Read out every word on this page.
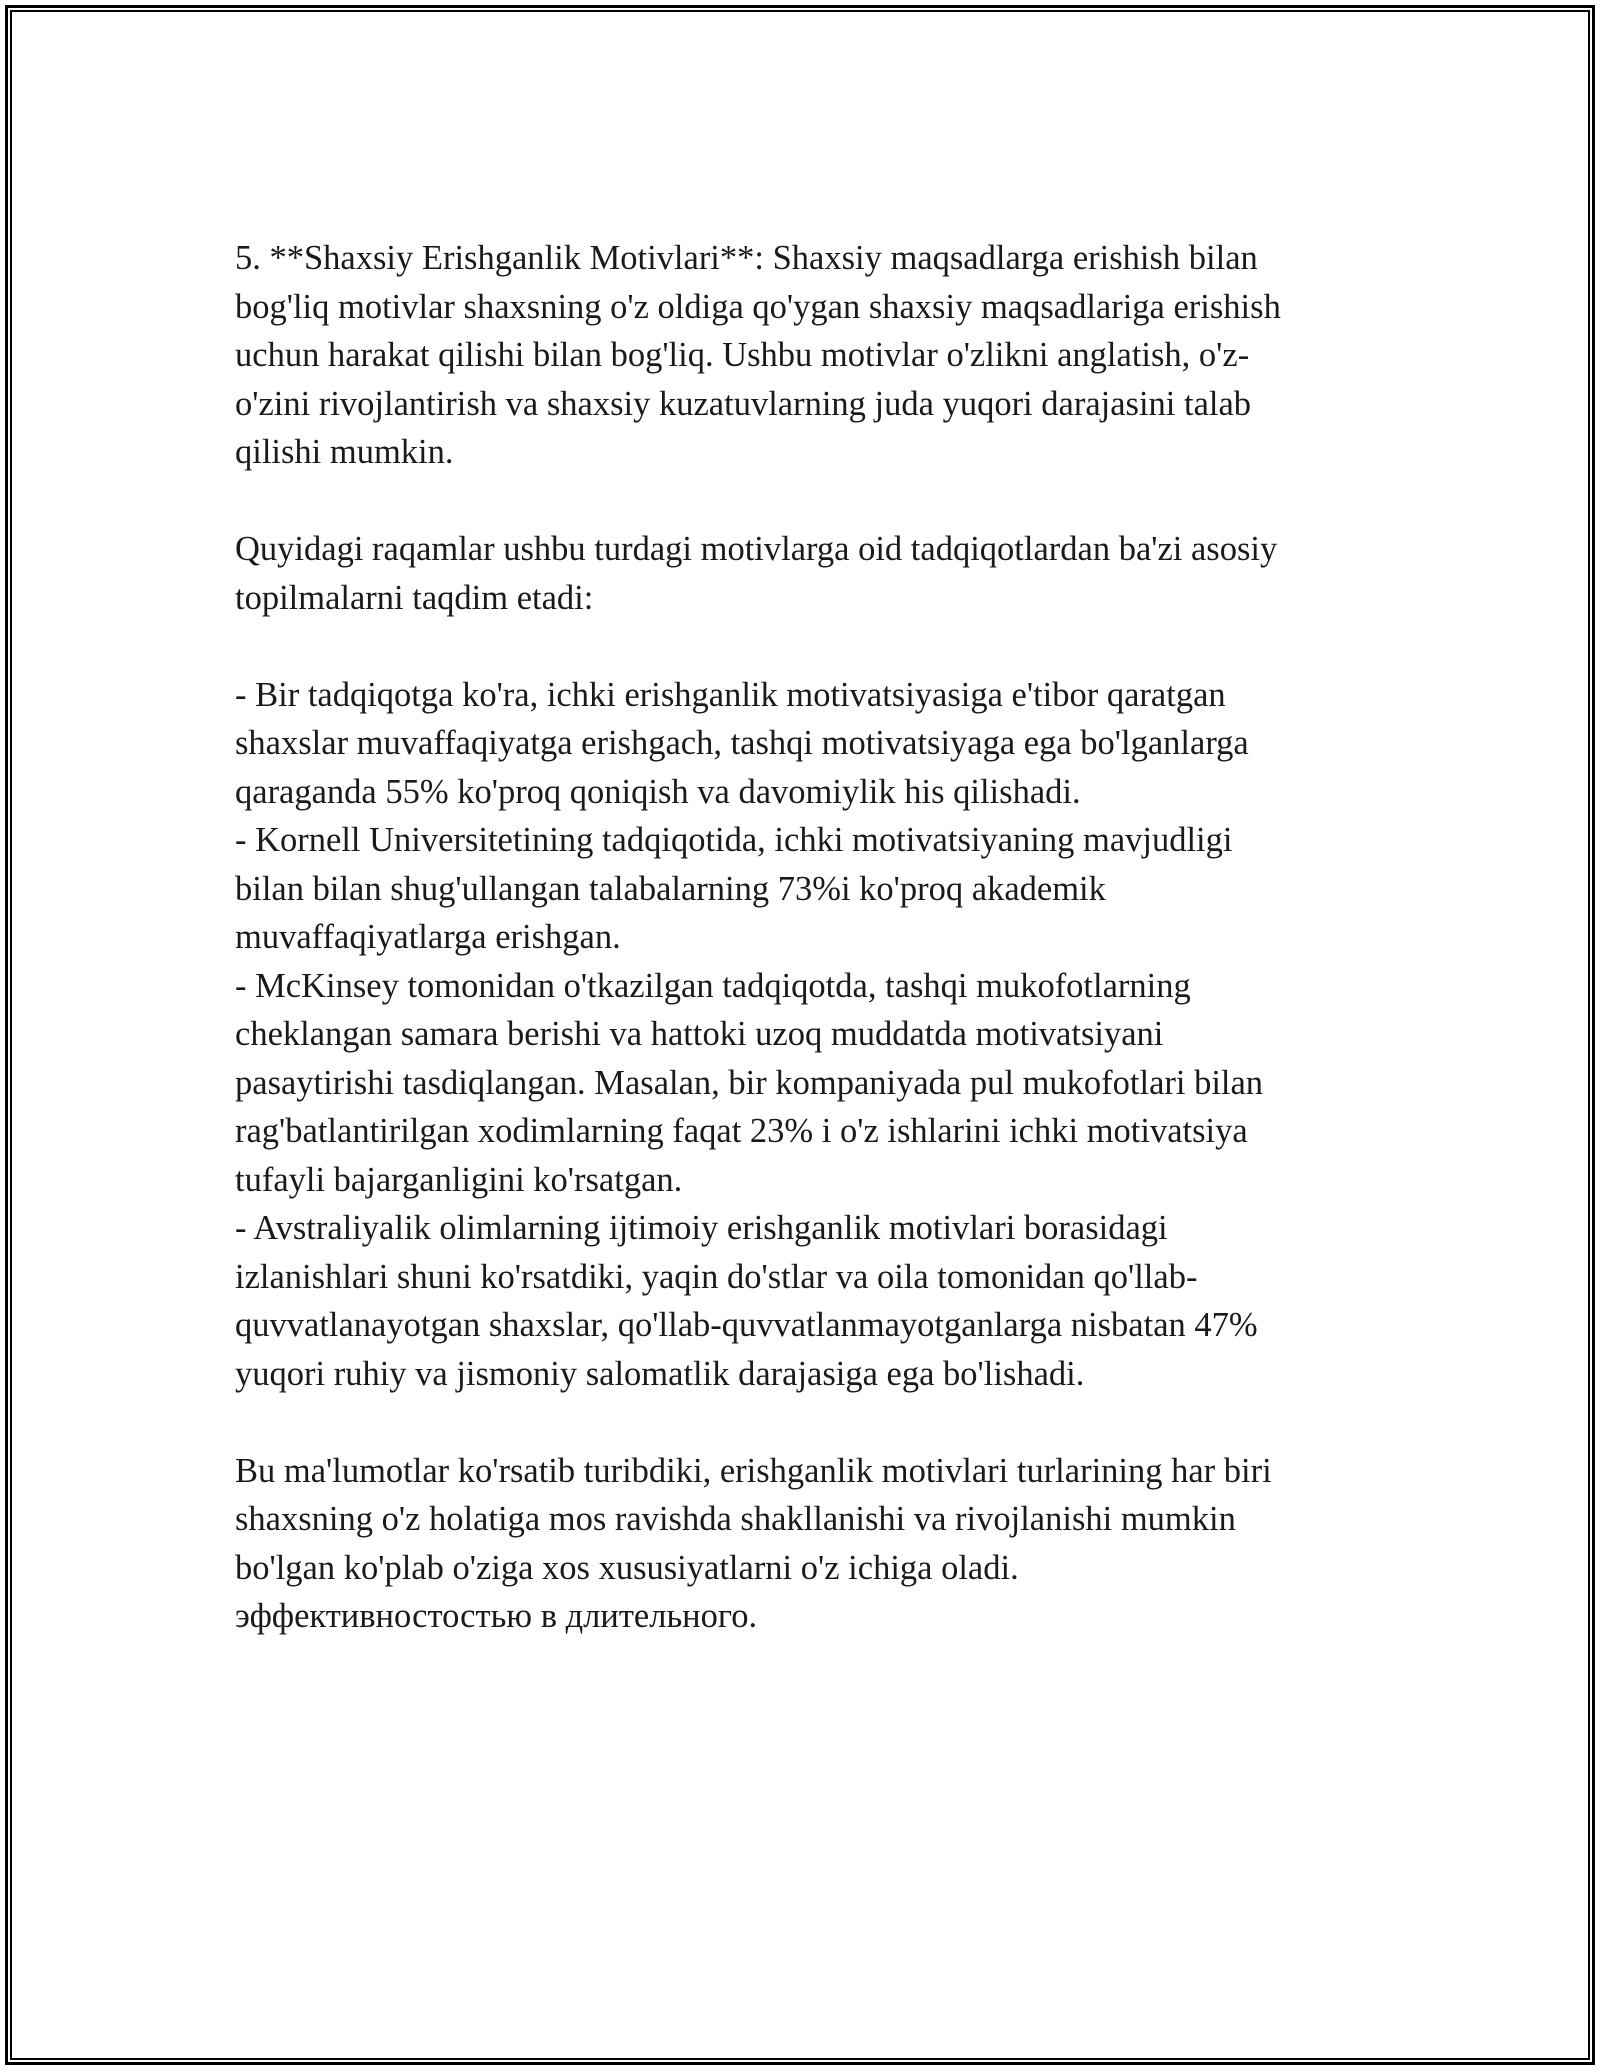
5. **Shaxsiy Erishganlik Motivlari**: Shaxsiy maqsadlarga erishish bilan
bog'liq motivlar shaxsning o'z oldiga qo'ygan shaxsiy maqsadlariga erishish
uchun harakat qilishi bilan bog'liq. Ushbu motivlar o'zlikni anglatish, o'z-
o'zini rivojlantirish va shaxsiy kuzatuvlarning juda yuqori darajasini talab
qilishi mumkin.

Quyidagi raqamlar ushbu turdagi motivlarga oid tadqiqotlardan ba'zi asosiy
topilmalarni taqdim etadi:

- Bir tadqiqotga ko'ra, ichki erishganlik motivatsiyasiga e'tibor qaratgan
shaxslar muvaffaqiyatga erishgach, tashqi motivatsiyaga ega bo'lganlarga
qaraganda 55% ko'proq qoniqish va davomiylik his qilishadi.
- Kornell Universitetining tadqiqotida, ichki motivatsiyaning mavjudligi
bilan bilan shug'ullangan talabalarning 73%i ko'proq akademik
muvaffaqiyatlarga erishgan.
- McKinsey tomonidan o'tkazilgan tadqiqotda, tashqi mukofotlarning
cheklangan samara berishi va hattoki uzoq muddatda motivatsiyani
pasaytirishi tasdiqlangan. Masalan, bir kompaniyada pul mukofotlari bilan
rag'batlantirilgan xodimlarning faqat 23% i o'z ishlarini ichki motivatsiya
tufayli bajarganligini ko'rsatgan.
- Avstraliyalik olimlarning ijtimoiy erishganlik motivlari borasidagi
izlanishlari shuni ko'rsatdiki, yaqin do'stlar va oila tomonidan qo'llab-
quvvatlanayotgan shaxslar, qo'llab-quvvatlanmayotganlarga nisbatan 47%
yuqori ruhiy va jismoniy salomatlik darajasiga ega bo'lishadi.

Bu ma'lumotlar ko'rsatib turibdiki, erishganlik motivlari turlarining har biri
shaxsning o'z holatiga mos ravishda shakllanishi va rivojlanishi mumkin
bo'lgan ko'plab o'ziga xos xususiyatlarni o'z ichiga oladi.
эффективностостью в длительного.
